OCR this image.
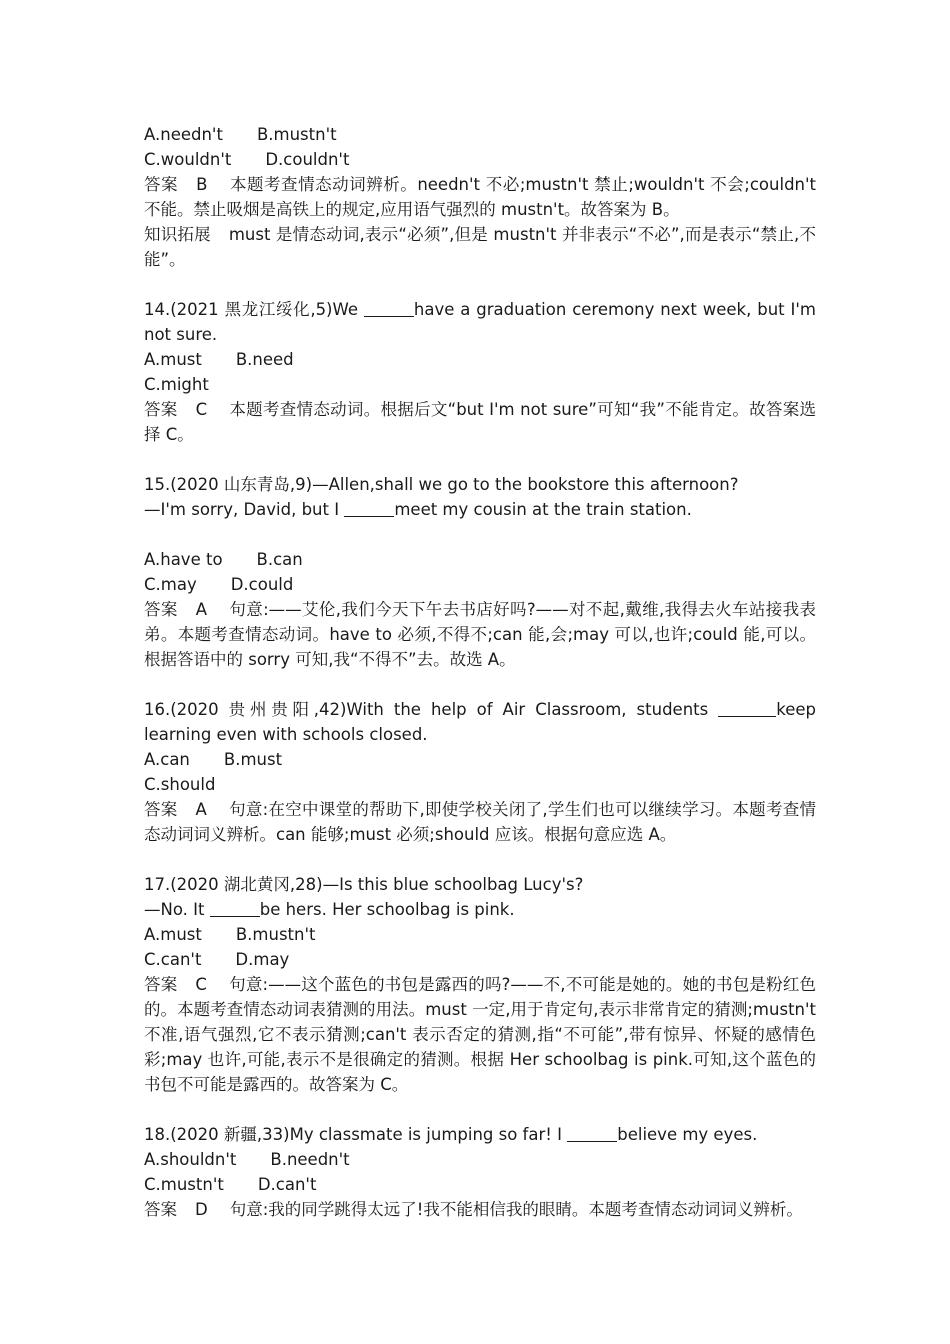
A.needn't B.mustn't
C.wouldn't D.couldn't
答案 B 本题考查情态动词辨析。needn't 不必;mustn't 禁止;wouldn't 不会;couldn't 不能。禁止吸烟是高铁上的规定,应用语气强烈的 mustn't。故答案为 B。
知识拓展 must 是情态动词,表示“必须”,但是 mustn't 并非表示“不必”,而是表示“禁止,不能”。
14.(2021 黑龙江绥化,5)We	have a graduation ceremony next week, but I'm not sure.
A.must B.need
C.might
答案 C 本题考查情态动词。根据后文“but I'm not sure”可知“我”不能肯定。故答案选择 C。
15.(2020 山东青岛,9)—Allen,shall we go to the bookstore this afternoon?
—I'm sorry, David, but I	meet my cousin at the train station.
A.have to B.can
C.may D.could
答案 A 句意:——艾伦,我们今天下午去书店好吗?——对不起,戴维,我得去火车站接我表弟。本题考查情态动词。have to 必须,不得不;can 能,会;may 可以,也许;could 能,可以。根据答语中的 sorry 可知,我“不得不”去。故选 A。
16.(2020 贵州贵阳,42)With the help of Air Classroom, students	keep learning even with schools closed.
A.can B.must
C.should
答案 A 句意:在空中课堂的帮助下,即使学校关闭了,学生们也可以继续学习。本题考查情态动词词义辨析。can 能够;must 必须;should 应该。根据句意应选 A。
17.(2020 湖北黄冈,28)—Is this blue schoolbag Lucy's?
—No. It	be hers. Her schoolbag is pink.
A.must B.mustn't
C.can't D.may
答案 C 句意:——这个蓝色的书包是露西的吗?——不,不可能是她的。她的书包是粉红色的。本题考查情态动词表猜测的用法。must 一定,用于肯定句,表示非常肯定的猜测;mustn't 不准,语气强烈,它不表示猜测;can't 表示否定的猜测,指“不可能”,带有惊异、怀疑的感情色彩;may 也许,可能,表示不是很确定的猜测。根据 Her schoolbag is pink.可知,这个蓝色的书包不可能是露西的。故答案为 C。
18.(2020 新疆,33)My classmate is jumping so far! I	believe my eyes.
A.shouldn't B.needn't
C.mustn't D.can't
答案 D 句意:我的同学跳得太远了!我不能相信我的眼睛。本题考查情态动词词义辨析。
